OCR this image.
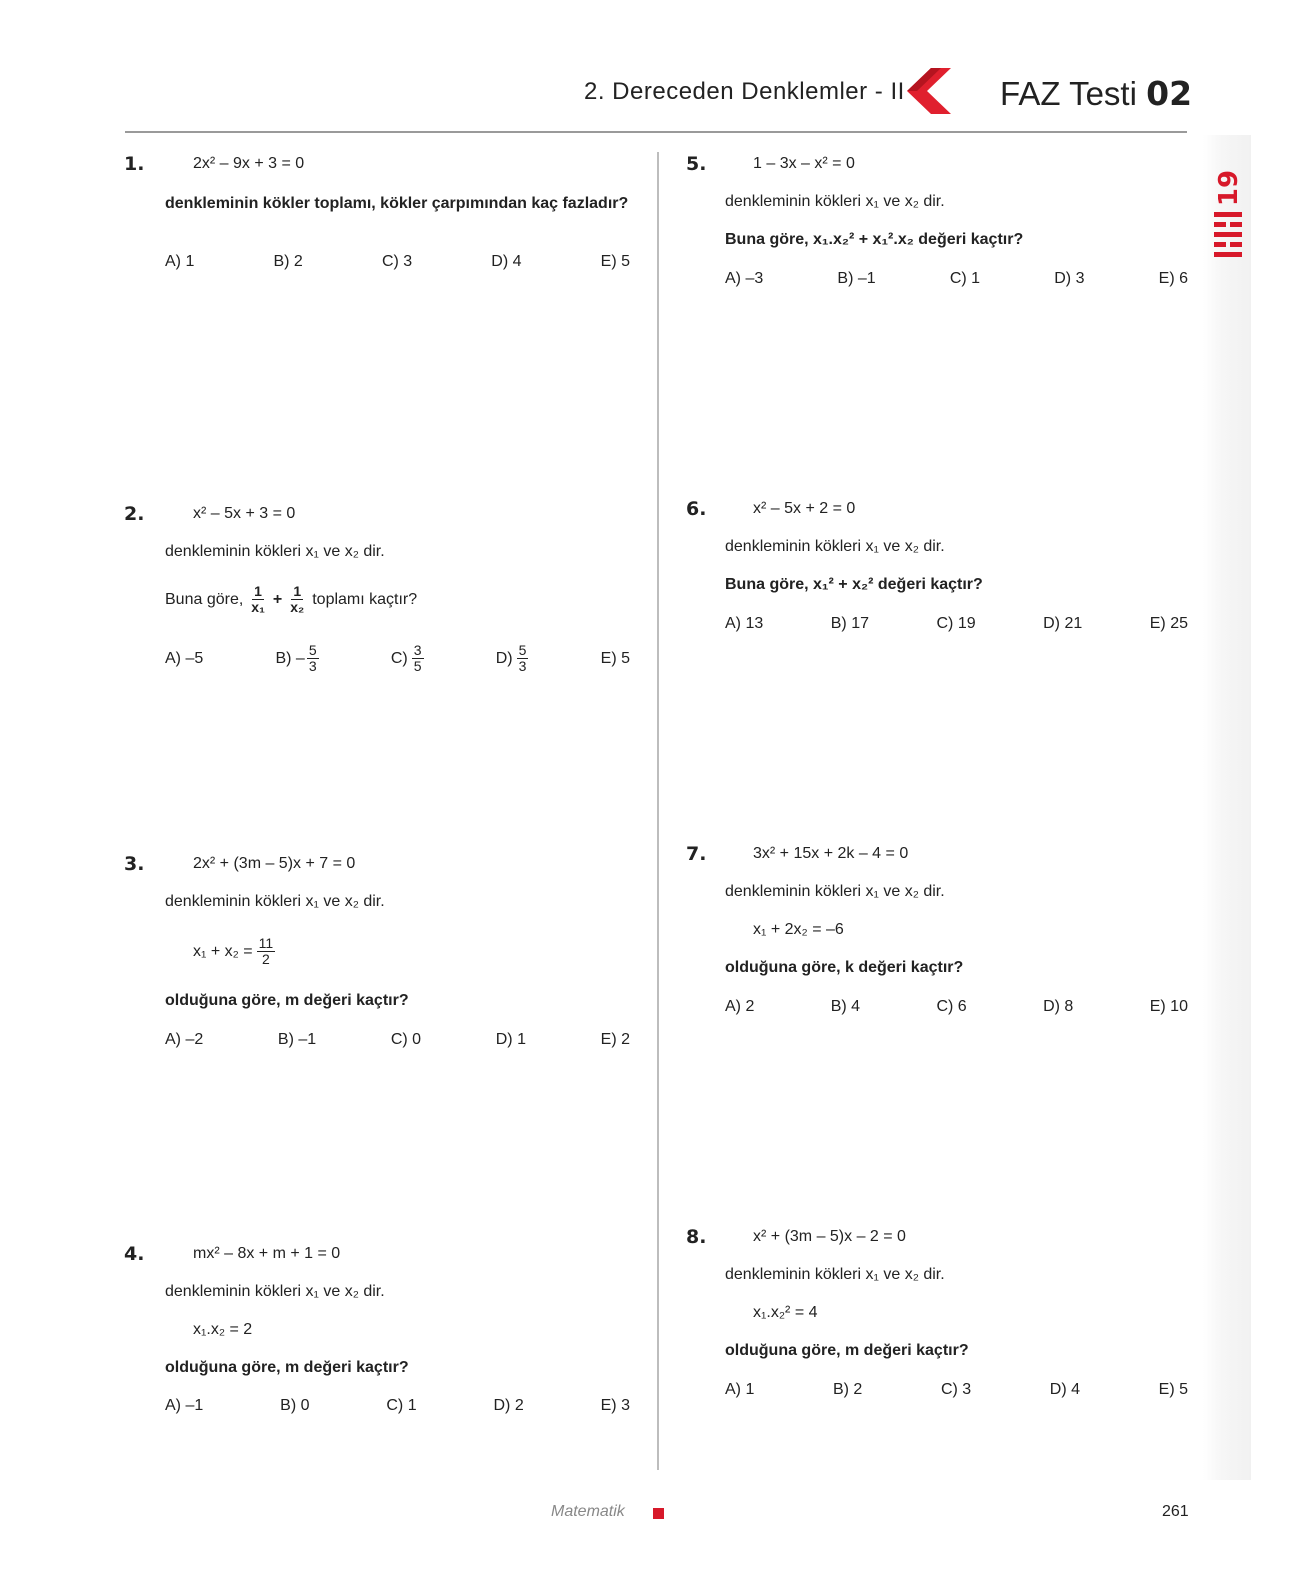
2. Dereceden Denklemler - II	FAZ Testi 02
19
1.	2x² – 9x + 3 = 0
denkleminin kökler toplamı, kökler çarpımından kaç fazladır?
A) 1	B) 2	C) 3	D) 4	E) 5
2.	x² – 5x + 3 = 0
denkleminin kökleri x₁ ve x₂ dir.
Buna göre, $\frac{1}{\text{x₁}} + \frac{1}{\text{x₂}}$ toplamı kaçtır?
A) –5	$B) - \frac{5}{3}$	$C) \frac{3}{5}$	$D) \frac{5}{3}$	E) 5
3.	2x² + (3m – 5)x + 7 = 0
denkleminin kökleri x₁ ve x₂ dir.
$x_1 + x_2 = \frac{11}{2}$
olduğuna göre, m değeri kaçtır?
A) –2	B) –1	C) 0	D) 1	E) 2
4.	mx² – 8x + m + 1 = 0
denkleminin kökleri x₁ ve x₂ dir.
x₁.x₂ = 2
olduğuna göre, m değeri kaçtır?
A) –1	B) 0	C) 1	D) 2	E) 3
5.	1 – 3x – x² = 0
denkleminin kökleri x₁ ve x₂ dir.
Buna göre, x₁.x₂² + x₁².x₂ değeri kaçtır?
A) –3	B) –1	C) 1	D) 3	E) 6
6.	x² – 5x + 2 = 0
denkleminin kökleri x₁ ve x₂ dir.
Buna göre, x₁² + x₂² değeri kaçtır?
A) 13	B) 17	C) 19	D) 21	E) 25
7.	3x² + 15x + 2k – 4 = 0
denkleminin kökleri x₁ ve x₂ dir.
x₁ + 2x₂ = –6
olduğuna göre, k değeri kaçtır?
A) 2	B) 4	C) 6	D) 8	E) 10
8.	x² + (3m – 5)x – 2 = 0
denkleminin kökleri x₁ ve x₂ dir.
x₁.x₂² = 4
olduğuna göre, m değeri kaçtır?
A) 1	B) 2	C) 3	D) 4	E) 5
Matematik	261
